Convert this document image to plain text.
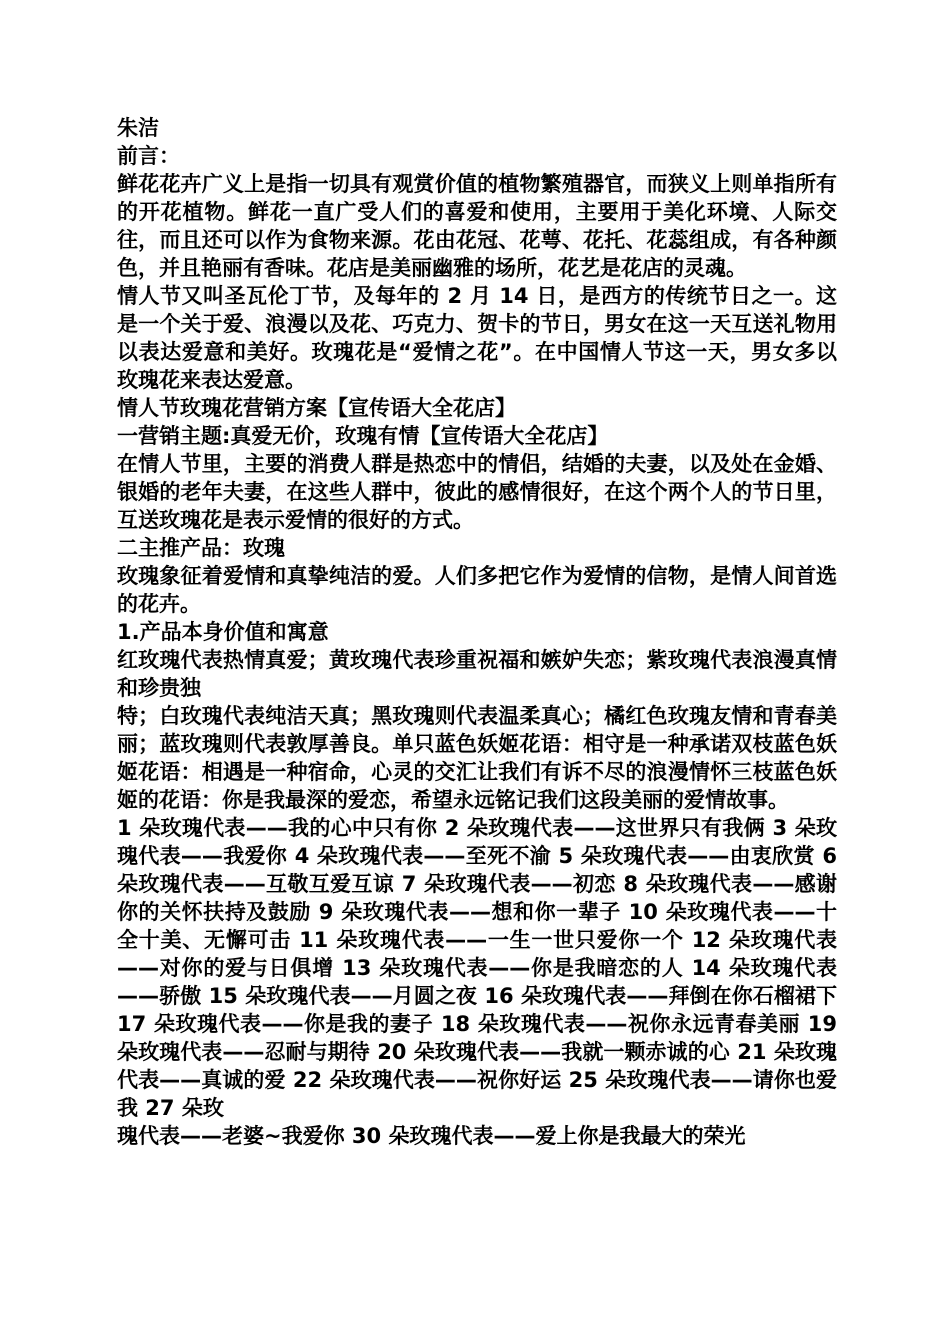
朱洁

前言：

鲜花花卉广义上是指一切具有观赏价值的植物繁殖器官，而狭义上则单指所有的开花植物。鲜花一直广受人们的喜爱和使用，主要用于美化环境、人际交往，而且还可以作为食物来源。花由花冠、花萼、花托、花蕊组成，有各种颜色，并且艳丽有香味。花店是美丽幽雅的场所，花艺是花店的灵魂。

情人节又叫圣瓦伦丁节，及每年的 2 月 14 日，是西方的传统节日之一。这是一个关于爱、浪漫以及花、巧克力、贺卡的节日，男女在这一天互送礼物用以表达爱意和美好。玫瑰花是“爱情之花”。在中国情人节这一天，男女多以玫瑰花来表达爱意。

情人节玫瑰花营销方案【宣传语大全花店】

一营销主题:真爱无价，玫瑰有情【宣传语大全花店】

在情人节里，主要的消费人群是热恋中的情侣，结婚的夫妻，以及处在金婚、银婚的老年夫妻，在这些人群中，彼此的感情很好，在这个两个人的节日里，互送玫瑰花是表示爱情的很好的方式。

二主推产品：玫瑰

玫瑰象征着爱情和真挚纯洁的爱。人们多把它作为爱情的信物，是情人间首选的花卉。

1.产品本身价值和寓意

红玫瑰代表热情真爱；黄玫瑰代表珍重祝福和嫉妒失恋；紫玫瑰代表浪漫真情和珍贵独

特；白玫瑰代表纯洁天真；黑玫瑰则代表温柔真心；橘红色玫瑰友情和青春美丽；蓝玫瑰则代表敦厚善良。单只蓝色妖姬花语：相守是一种承诺双枝蓝色妖姬花语：相遇是一种宿命，心灵的交汇让我们有诉不尽的浪漫情怀三枝蓝色妖姬的花语：你是我最深的爱恋，希望永远铭记我们这段美丽的爱情故事。

1 朵玫瑰代表——我的心中只有你 2 朵玫瑰代表——这世界只有我俩 3 朵玫瑰代表——我爱你 4 朵玫瑰代表——至死不渝 5 朵玫瑰代表——由衷欣赏 6 朵玫瑰代表——互敬互爱互谅 7 朵玫瑰代表——初恋 8 朵玫瑰代表——感谢你的关怀扶持及鼓励 9 朵玫瑰代表——想和你一辈子 10 朵玫瑰代表——十全十美、无懈可击 11 朵玫瑰代表——一生一世只爱你一个 12 朵玫瑰代表——对你的爱与日俱增 13 朵玫瑰代表——你是我暗恋的人 14 朵玫瑰代表——骄傲 15 朵玫瑰代表——月圆之夜 16 朵玫瑰代表——拜倒在你石榴裙下 17 朵玫瑰代表——你是我的妻子 18 朵玫瑰代表——祝你永远青春美丽 19 朵玫瑰代表——忍耐与期待 20 朵玫瑰代表——我就一颗赤诚的心 21 朵玫瑰代表——真诚的爱 22 朵玫瑰代表——祝你好运 25 朵玫瑰代表——请你也爱我 27 朵玫

瑰代表——老婆~我爱你 30 朵玫瑰代表——爱上你是我最大的荣光
